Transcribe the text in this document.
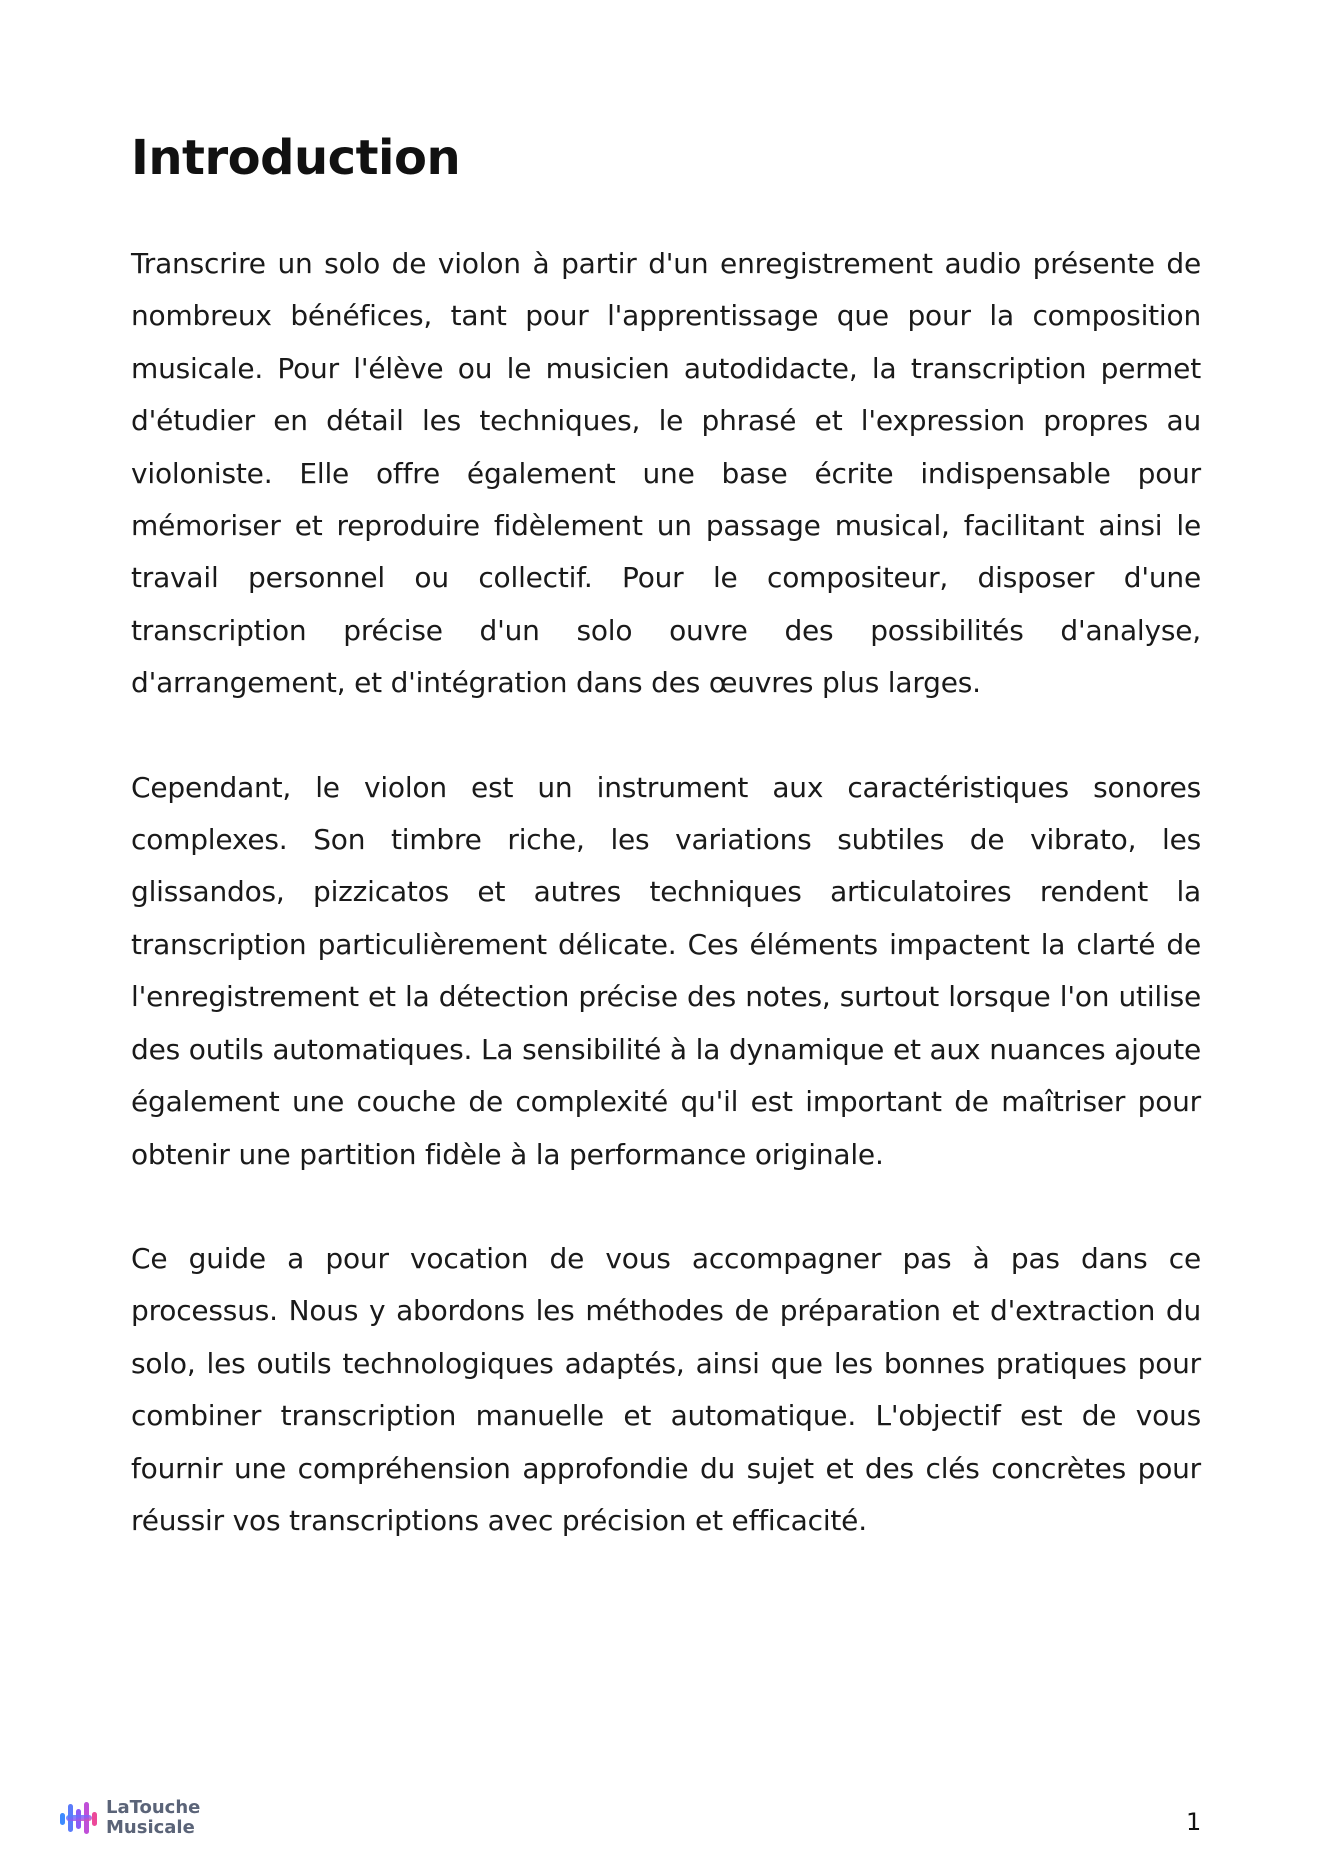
Introduction

Transcrire un solo de violon à partir d'un enregistrement audio présente de nombreux bénéfices, tant pour l'apprentissage que pour la composition musicale. Pour l'élève ou le musicien autodidacte, la transcription permet d'étudier en détail les techniques, le phrasé et l'expression propres au violoniste. Elle offre également une base écrite indispensable pour mémoriser et reproduire fidèlement un passage musical, facilitant ainsi le travail personnel ou collectif. Pour le compositeur, disposer d'une transcription précise d'un solo ouvre des possibilités d'analyse, d'arrangement, et d'intégration dans des œuvres plus larges.

Cependant, le violon est un instrument aux caractéristiques sonores complexes. Son timbre riche, les variations subtiles de vibrato, les glissandos, pizzicatos et autres techniques articulatoires rendent la transcription particulièrement délicate. Ces éléments impactent la clarté de l'enregistrement et la détection précise des notes, surtout lorsque l'on utilise des outils automatiques. La sensibilité à la dynamique et aux nuances ajoute également une couche de complexité qu'il est important de maîtriser pour obtenir une partition fidèle à la performance originale.

Ce guide a pour vocation de vous accompagner pas à pas dans ce processus. Nous y abordons les méthodes de préparation et d'extraction du solo, les outils technologiques adaptés, ainsi que les bonnes pratiques pour combiner transcription manuelle et automatique. L'objectif est de vous fournir une compréhension approfondie du sujet et des clés concrètes pour réussir vos transcriptions avec précision et efficacité.

LaTouche
Musicale	1
